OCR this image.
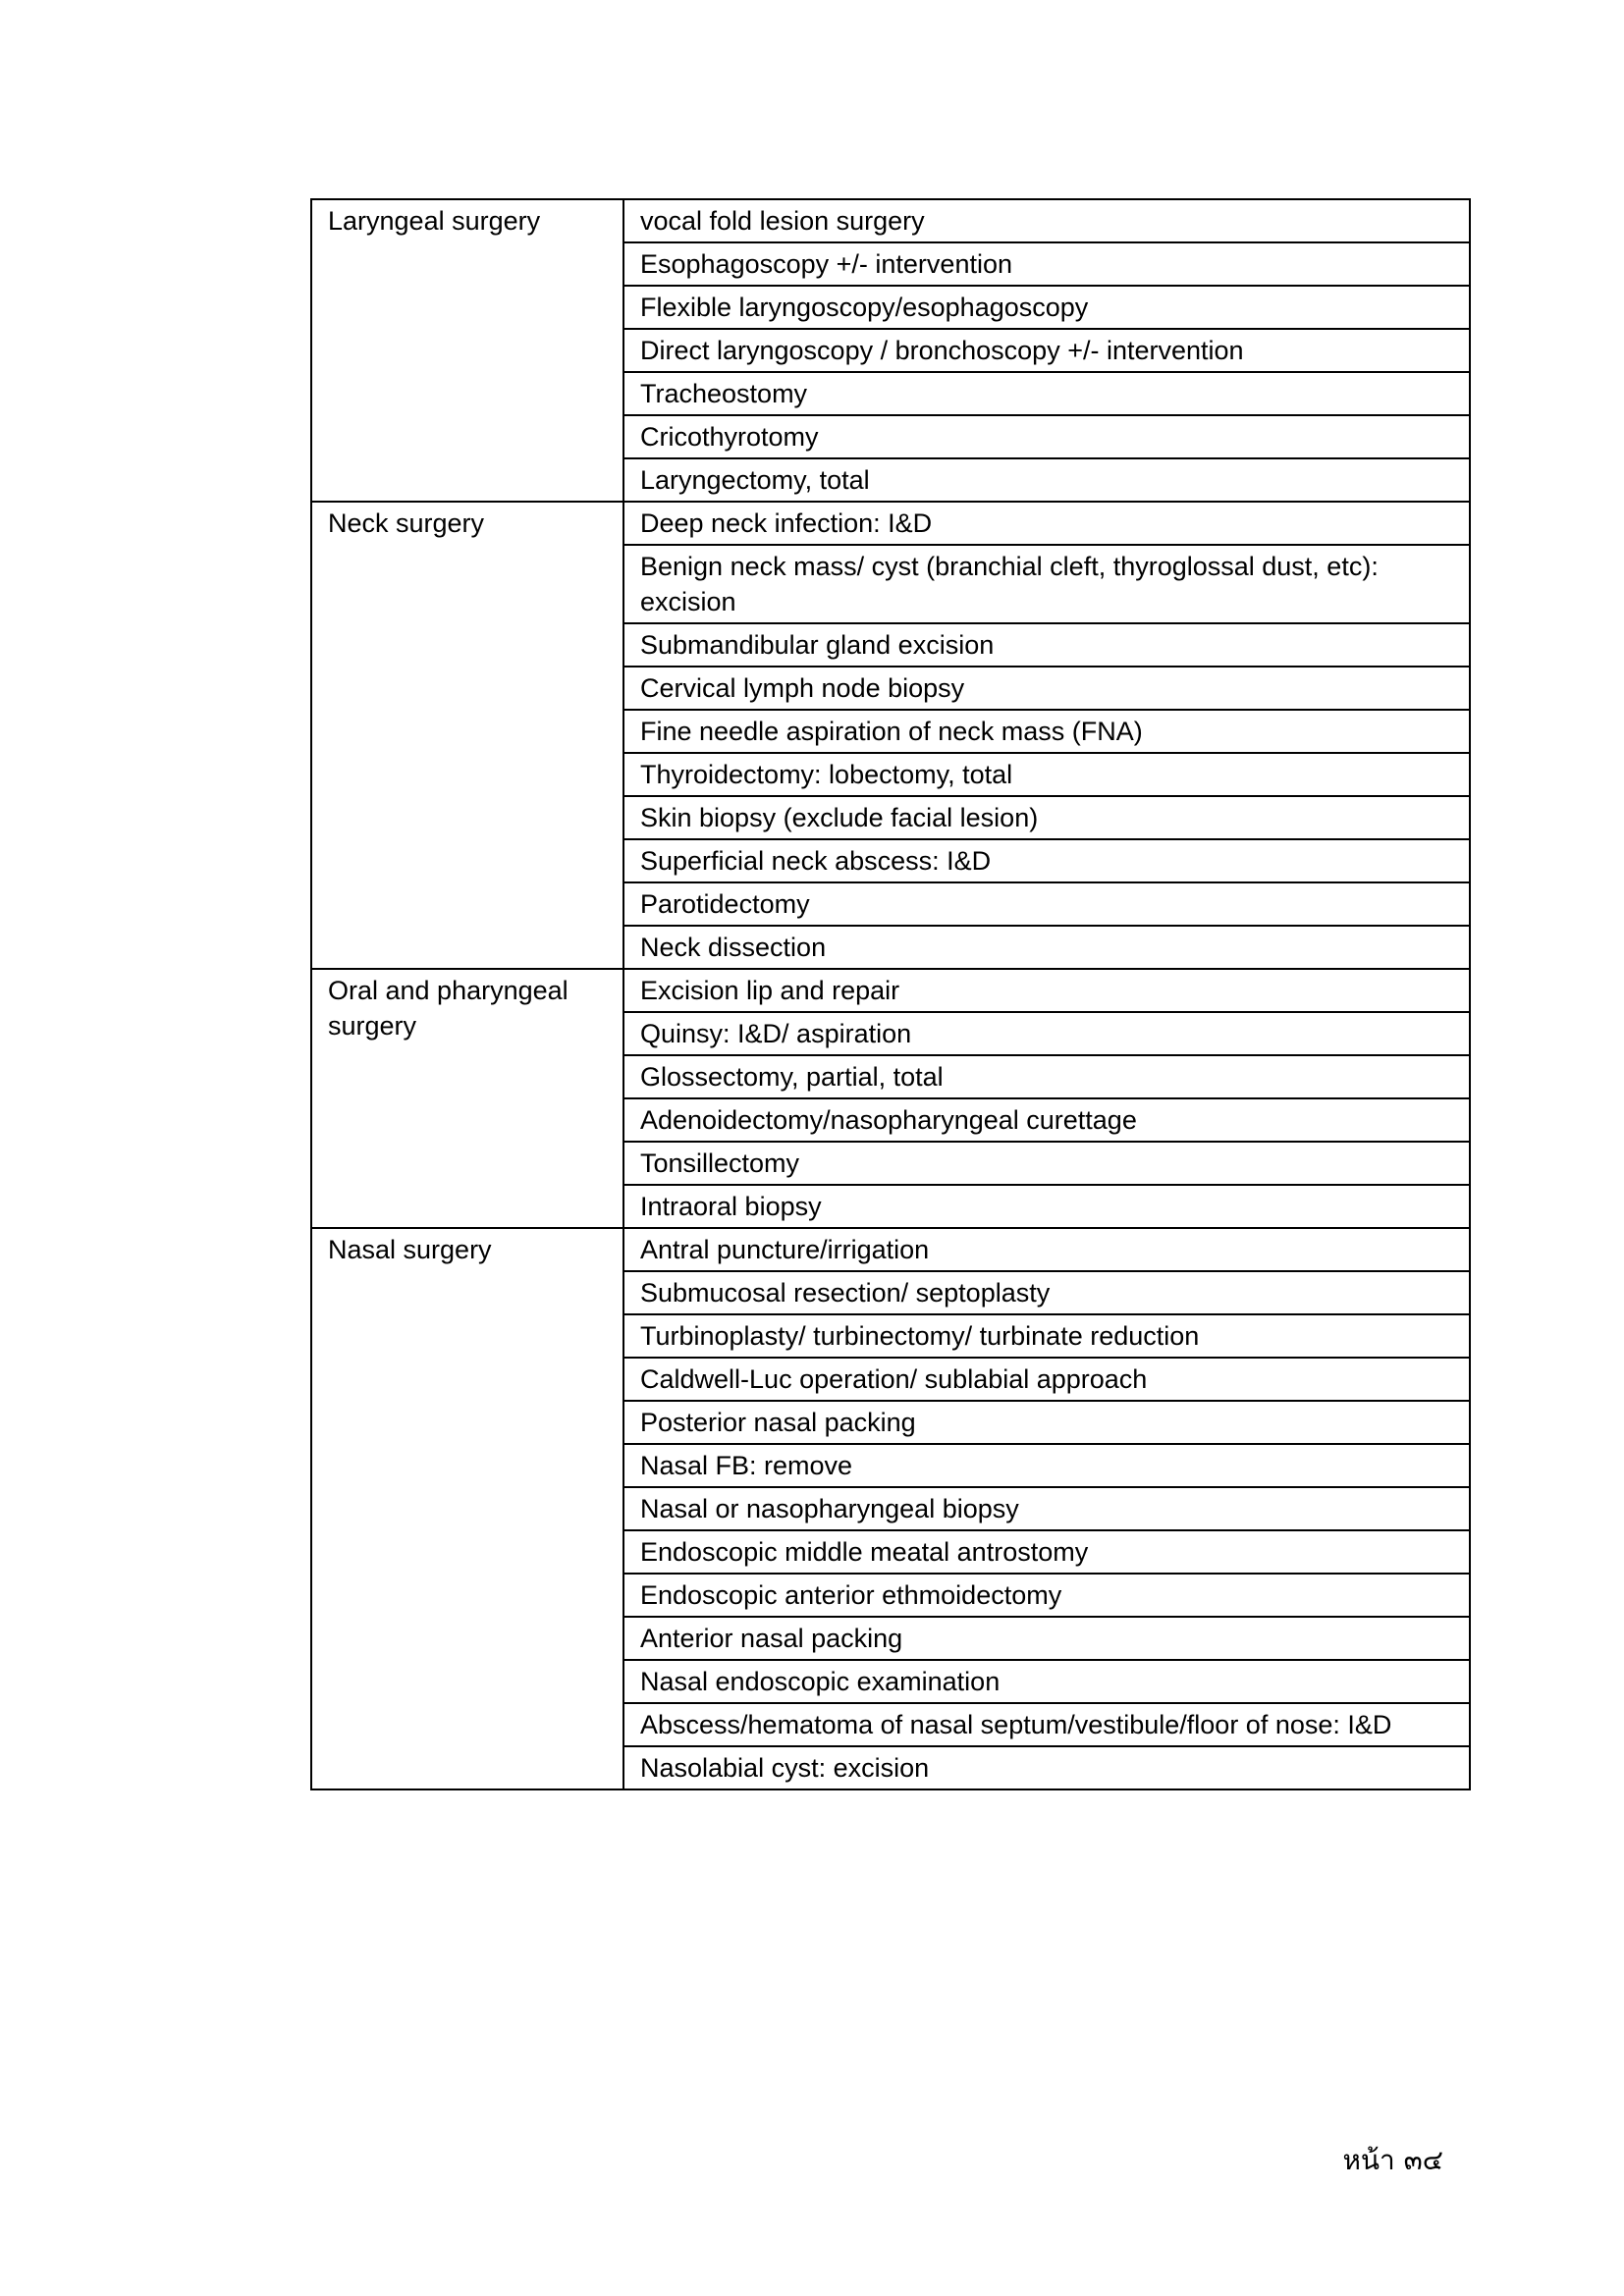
Laryngeal surgery	vocal fold lesion surgery
	Esophagoscopy +/- intervention
	Flexible laryngoscopy/esophagoscopy
	Direct laryngoscopy / bronchoscopy +/- intervention
	Tracheostomy
	Cricothyrotomy
	Laryngectomy, total
Neck surgery	Deep neck infection: I&D
	Benign neck mass/ cyst (branchial cleft, thyroglossal dust, etc): excision
	Submandibular gland excision
	Cervical lymph node biopsy
	Fine needle aspiration of neck mass (FNA)
	Thyroidectomy: lobectomy, total
	Skin biopsy (exclude facial lesion)
	Superficial neck abscess: I&D
	Parotidectomy
	Neck dissection
Oral and pharyngeal surgery	Excision lip and repair
	Quinsy: I&D/ aspiration
	Glossectomy, partial, total
	Adenoidectomy/nasopharyngeal curettage
	Tonsillectomy
	Intraoral biopsy
Nasal surgery	Antral puncture/irrigation
	Submucosal resection/ septoplasty
	Turbinoplasty/ turbinectomy/ turbinate reduction
	Caldwell-Luc operation/ sublabial approach
	Posterior nasal packing
	Nasal FB: remove
	Nasal or nasopharyngeal biopsy
	Endoscopic middle meatal antrostomy
	Endoscopic anterior ethmoidectomy
	Anterior nasal packing
	Nasal endoscopic examination
	Abscess/hematoma of nasal septum/vestibule/floor of nose: I&D
	Nasolabial cyst: excision
หน้า ๓๔
